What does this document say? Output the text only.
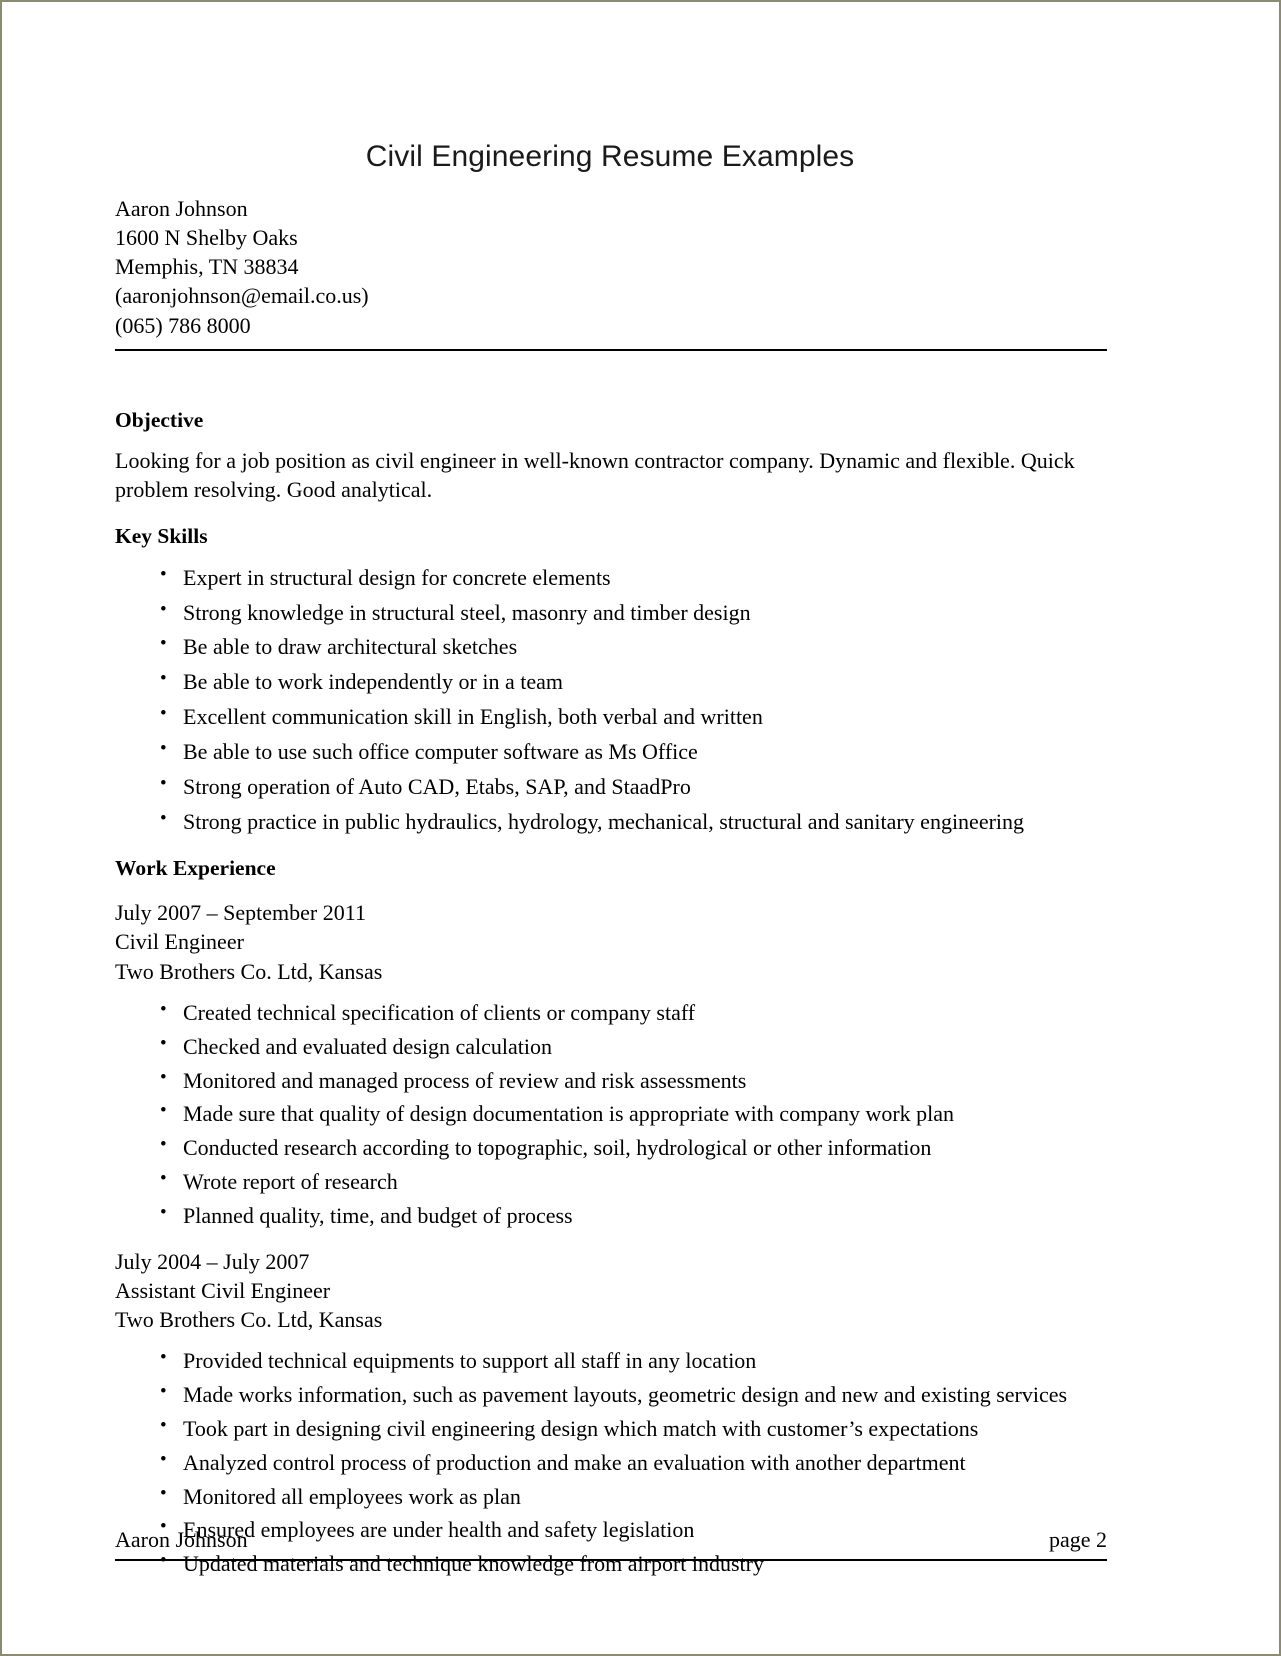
Civil Engineering Resume Examples
Aaron Johnson
1600 N Shelby Oaks
Memphis, TN 38834
(aaronjohnson@email.co.us)
(065) 786 8000
Objective

Looking for a job position as civil engineer in well-known contractor company. Dynamic and flexible. Quick problem resolving. Good analytical.

Key Skills
• Expert in structural design for concrete elements
• Strong knowledge in structural steel, masonry and timber design
• Be able to draw architectural sketches
• Be able to work independently or in a team
• Excellent communication skill in English, both verbal and written
• Be able to use such office computer software as Ms Office
• Strong operation of Auto CAD, Etabs, SAP, and StaadPro
• Strong practice in public hydraulics, hydrology, mechanical, structural and sanitary engineering
Work Experience
July 2007 – September 2011
Civil Engineer
Two Brothers Co. Ltd, Kansas
• Created technical specification of clients or company staff
• Checked and evaluated design calculation
• Monitored and managed process of review and risk assessments
• Made sure that quality of design documentation is appropriate with company work plan
• Conducted research according to topographic, soil, hydrological or other information
• Wrote report of research
• Planned quality, time, and budget of process
July 2004 – July 2007
Assistant Civil Engineer
Two Brothers Co. Ltd, Kansas
• Provided technical equipments to support all staff in any location
• Made works information, such as pavement layouts, geometric design and new and existing services
• Took part in designing civil engineering design which match with customer’s expectations
• Analyzed control process of production and make an evaluation with another department
• Monitored all employees work as plan
• Ensured employees are under health and safety legislation
• Updated materials and technique knowledge from airport industry
Aaron Johnson	page 2
